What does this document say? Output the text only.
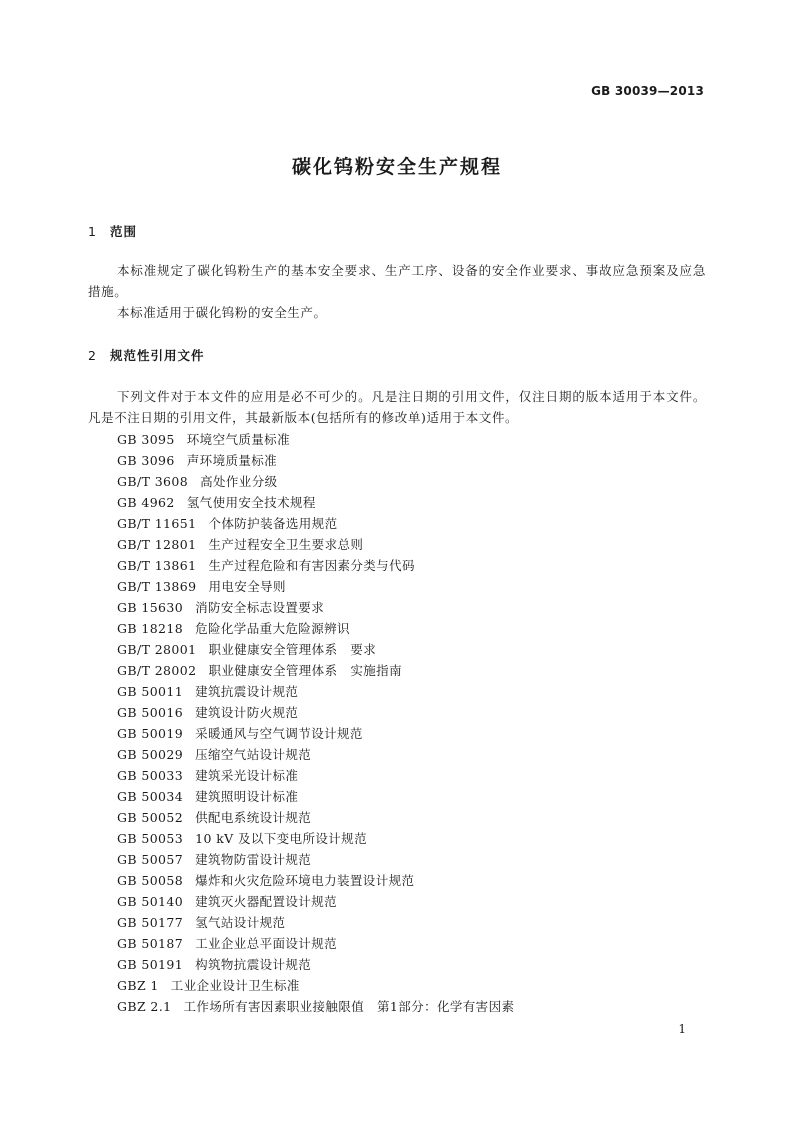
GB 30039—2013
碳化钨粉安全生产规程
1 范围

本标准规定了碳化钨粉生产的基本安全要求、生产工序、设备的安全作业要求、事故应急预案及应急措施。

本标准适用于碳化钨粉的安全生产。

2 规范性引用文件

下列文件对于本文件的应用是必不可少的。凡是注日期的引用文件，仅注日期的版本适用于本文件。凡是不注日期的引用文件，其最新版本(包括所有的修改单)适用于本文件。

GB 3095 环境空气质量标准
GB 3096 声环境质量标准
GB/T 3608 高处作业分级
GB 4962 氢气使用安全技术规程
GB/T 11651 个体防护装备选用规范
GB/T 12801 生产过程安全卫生要求总则
GB/T 13861 生产过程危险和有害因素分类与代码
GB/T 13869 用电安全导则
GB 15630 消防安全标志设置要求
GB 18218 危险化学品重大危险源辨识
GB/T 28001 职业健康安全管理体系　要求
GB/T 28002 职业健康安全管理体系　实施指南
GB 50011 建筑抗震设计规范
GB 50016 建筑设计防火规范
GB 50019 采暖通风与空气调节设计规范
GB 50029 压缩空气站设计规范
GB 50033 建筑采光设计标准
GB 50034 建筑照明设计标准
GB 50052 供配电系统设计规范
GB 50053 10 kV 及以下变电所设计规范
GB 50057 建筑物防雷设计规范
GB 50058 爆炸和火灾危险环境电力装置设计规范
GB 50140 建筑灭火器配置设计规范
GB 50177 氢气站设计规范
GB 50187 工业企业总平面设计规范
GB 50191 构筑物抗震设计规范
GBZ 1 工业企业设计卫生标准
GBZ 2.1 工作场所有害因素职业接触限值　第1部分：化学有害因素
1
